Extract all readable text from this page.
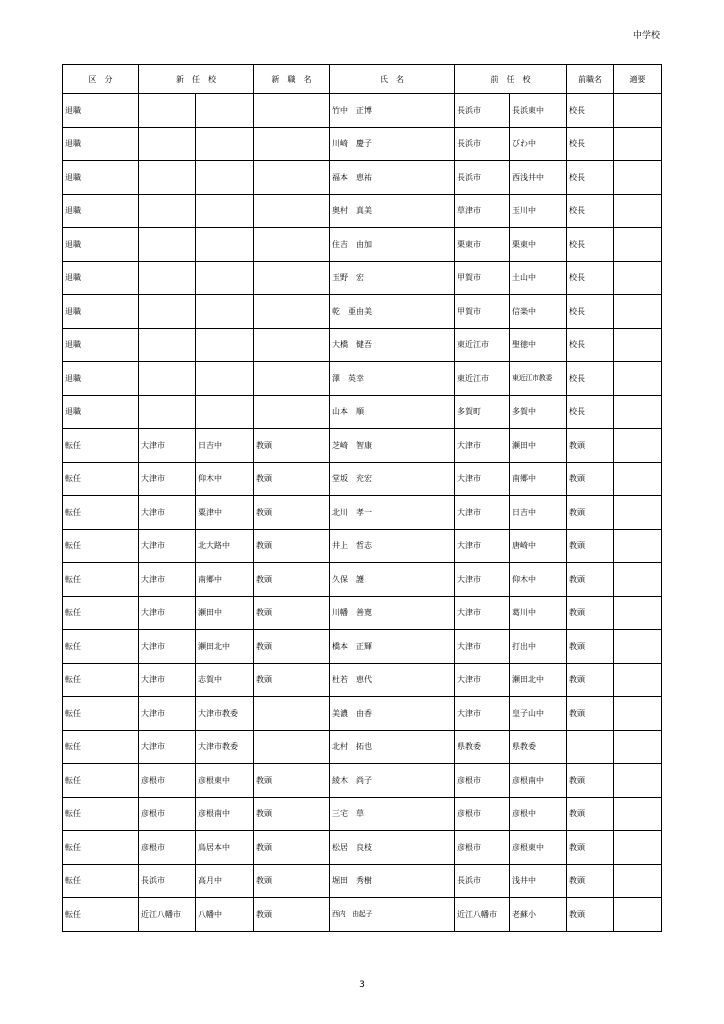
中学校
区　分	新　任　校		新　職　名	氏　名	前　任　校		前職名	適要
退職				竹中　正博	長浜市	長浜東中	校長	
退職				川崎　慶子	長浜市	びわ中	校長	
退職				福本　恵祐	長浜市	西浅井中	校長	
退職				奥村　真美	草津市	玉川中	校長	
退職				住吉　由加	栗東市	栗東中	校長	
退職				玉野　宏	甲賀市	土山中	校長	
退職				乾　亜由美	甲賀市	信楽中	校長	
退職				大橋　健吾	東近江市	聖徳中	校長	
退職				澤　英幸	東近江市	東近江市教委	校長	
退職				山本　順	多賀町	多賀中	校長	
転任	大津市	日吉中	教頭	芝崎　智康	大津市	瀬田中	教頭	
転任	大津市	仰木中	教頭	堂坂　充宏	大津市	南郷中	教頭	
転任	大津市	粟津中	教頭	北川　孝一	大津市	日吉中	教頭	
転任	大津市	北大路中	教頭	井上　哲志	大津市	唐崎中	教頭	
転任	大津市	南郷中	教頭	久保　護	大津市	仰木中	教頭	
転任	大津市	瀬田中	教頭	川幡　善寛	大津市	葛川中	教頭	
転任	大津市	瀬田北中	教頭	橋本　正輝	大津市	打出中	教頭	
転任	大津市	志賀中	教頭	杜若　恵代	大津市	瀬田北中	教頭	
転任	大津市	大津市教委		美濃　由香	大津市	皇子山中	教頭	
転任	大津市	大津市教委		北村　拓也	県教委	県教委		
転任	彦根市	彦根東中	教頭	綾木　尚子	彦根市	彦根南中	教頭	
転任	彦根市	彦根南中	教頭	三宅　草	彦根市	彦根中	教頭	
転任	彦根市	鳥居本中	教頭	松居　良枝	彦根市	彦根東中	教頭	
転任	長浜市	高月中	教頭	堀田　秀樹	長浜市	浅井中	教頭	
転任	近江八幡市	八幡中	教頭	西内　由起子	近江八幡市	老蘇小	教頭	
3
